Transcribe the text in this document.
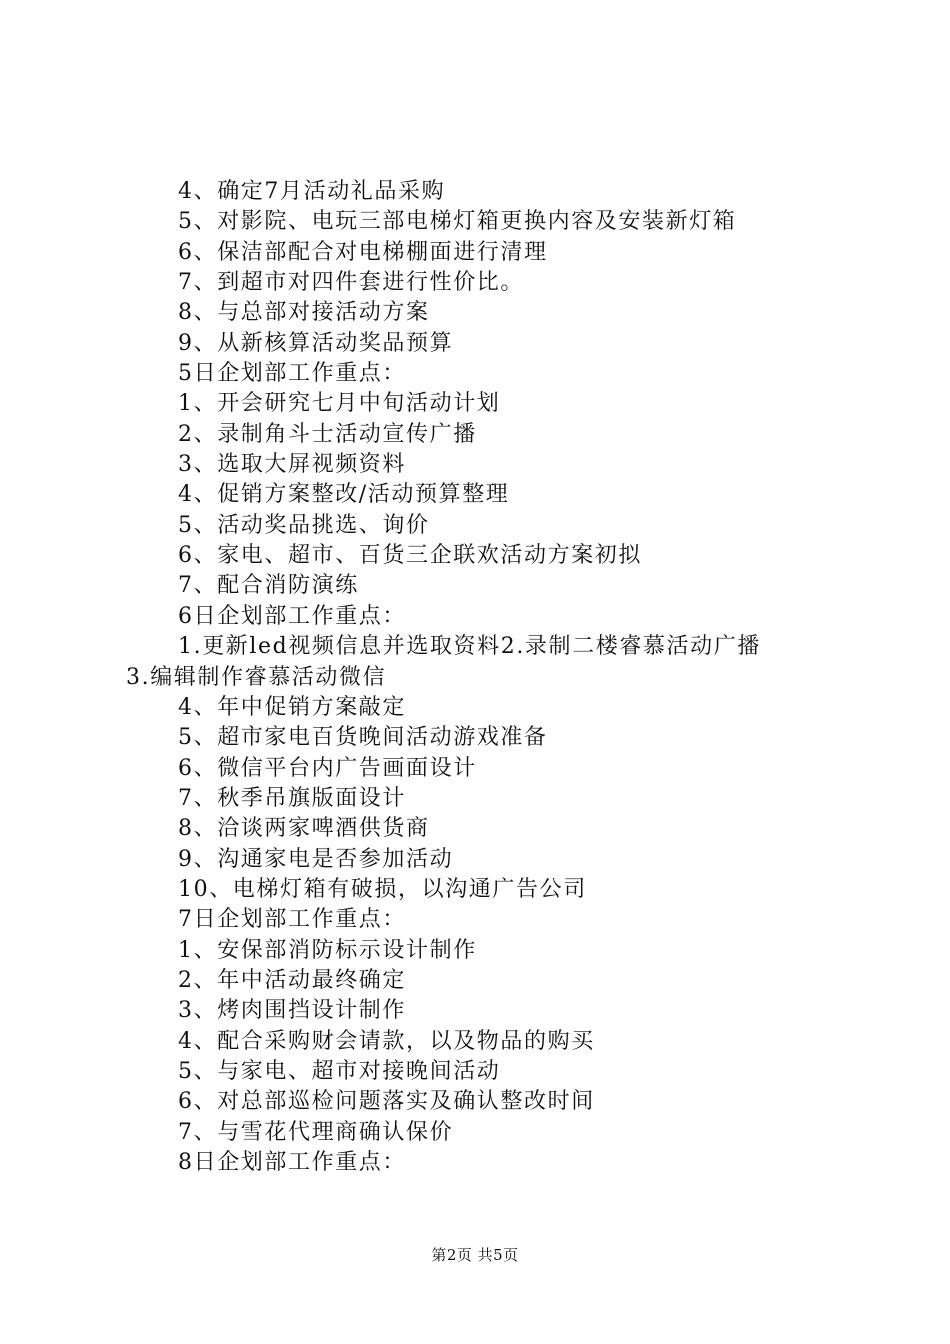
4、确定7月活动礼品采购
5、对影院、电玩三部电梯灯箱更换内容及安装新灯箱
6、保洁部配合对电梯棚面进行清理
7、到超市对四件套进行性价比。
8、与总部对接活动方案
9、从新核算活动奖品预算
5日企划部工作重点：
1、开会研究七月中旬活动计划
2、录制角斗士活动宣传广播
3、选取大屏视频资料
4、促销方案整改/活动预算整理
5、活动奖品挑选、询价
6、家电、超市、百货三企联欢活动方案初拟
7、配合消防演练
6日企划部工作重点：
1.更新led视频信息并选取资料2.录制二楼睿慕活动广播
3.编辑制作睿慕活动微信
4、年中促销方案敲定
5、超市家电百货晚间活动游戏准备
6、微信平台内广告画面设计
7、秋季吊旗版面设计
8、洽谈两家啤酒供货商
9、沟通家电是否参加活动
10、电梯灯箱有破损，以沟通广告公司
7日企划部工作重点：
1、安保部消防标示设计制作
2、年中活动最终确定
3、烤肉围挡设计制作
4、配合采购财会请款，以及物品的购买
5、与家电、超市对接晚间活动
6、对总部巡检问题落实及确认整改时间
7、与雪花代理商确认保价
8日企划部工作重点：
第2页 共5页
